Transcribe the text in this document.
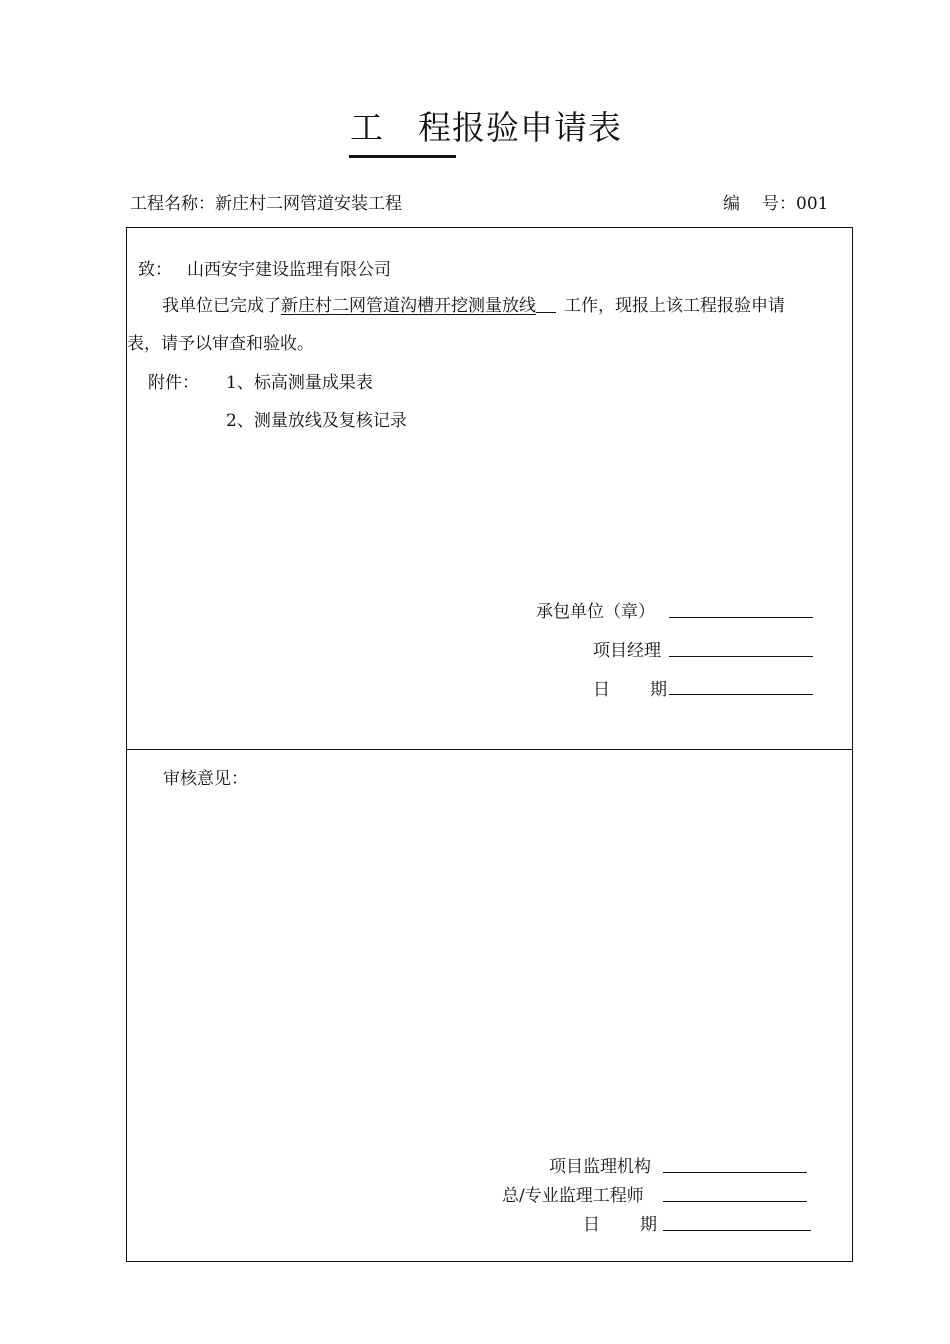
工 程报验申请表
工程名称：新庄村二网管道安装工程	编 号：001
致： 山西安宇建设监理有限公司
我单位已完成了新庄村二网管道沟槽开挖测量放线 工作，现报上该工程报验申请
表，请予以审查和验收。
附件： 1、标高测量成果表
2、测量放线及复核记录
承包单位（章）
项目经理
日 期
审核意见：
项目监理机构
总/专业监理工程师
日 期
